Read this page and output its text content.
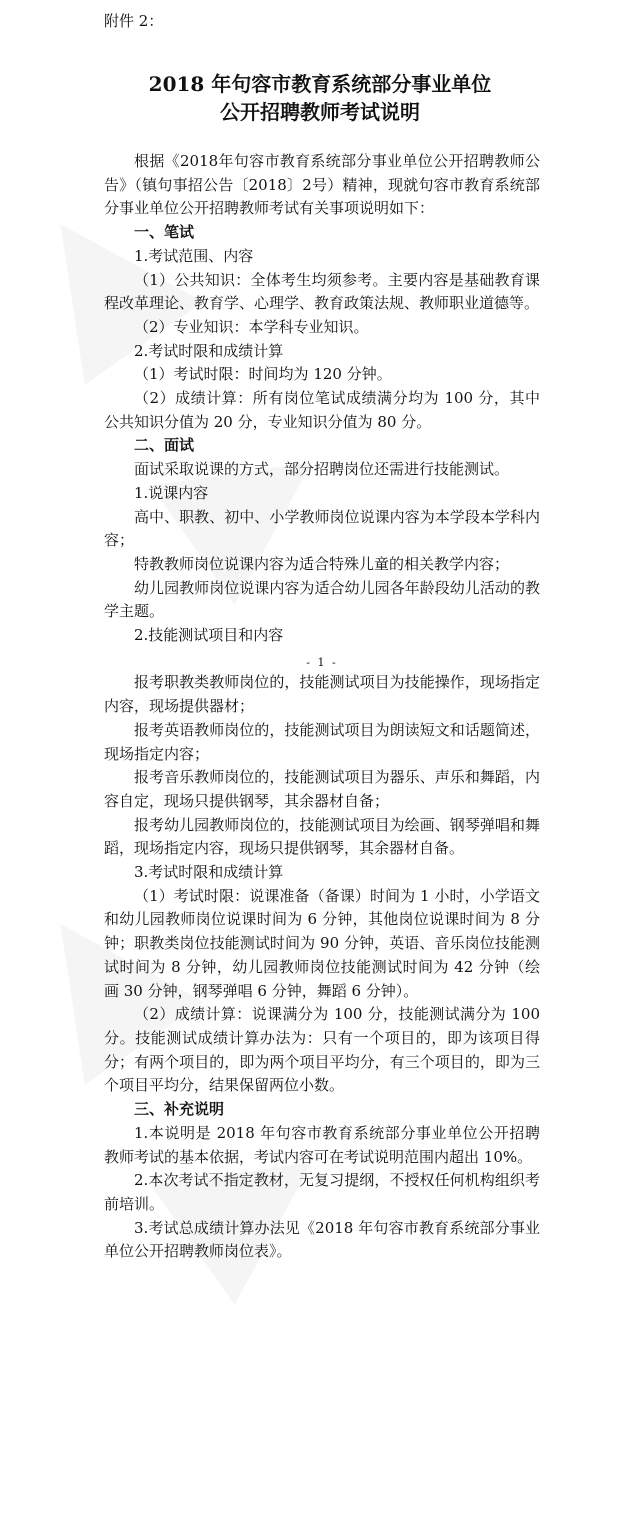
附件 2：
2018 年句容市教育系统部分事业单位
公开招聘教师考试说明

根据《2018年句容市教育系统部分事业单位公开招聘教师公告》（镇句事招公告〔2018〕2号）精神，现就句容市教育系统部分事业单位公开招聘教师考试有关事项说明如下：

一、笔试

1.考试范围、内容

（1）公共知识：全体考生均须参考。主要内容是基础教育课程改革理论、教育学、心理学、教育政策法规、教师职业道德等。

（2）专业知识：本学科专业知识。

2.考试时限和成绩计算

（1）考试时限：时间均为 120 分钟。

（2）成绩计算：所有岗位笔试成绩满分均为 100 分，其中公共知识分值为 20 分，专业知识分值为 80 分。

二、面试

面试采取说课的方式，部分招聘岗位还需进行技能测试。

1.说课内容

高中、职教、初中、小学教师岗位说课内容为本学段本学科内容；

特教教师岗位说课内容为适合特殊儿童的相关教学内容；

幼儿园教师岗位说课内容为适合幼儿园各年龄段幼儿活动的教学主题。

2.技能测试项目和内容

- 1 -

报考职教类教师岗位的，技能测试项目为技能操作，现场指定内容，现场提供器材；

报考英语教师岗位的，技能测试项目为朗读短文和话题简述，现场指定内容；

报考音乐教师岗位的，技能测试项目为器乐、声乐和舞蹈，内容自定，现场只提供钢琴，其余器材自备；

报考幼儿园教师岗位的，技能测试项目为绘画、钢琴弹唱和舞蹈，现场指定内容，现场只提供钢琴，其余器材自备。

3.考试时限和成绩计算

（1）考试时限：说课准备（备课）时间为 1 小时，小学语文和幼儿园教师岗位说课时间为 6 分钟，其他岗位说课时间为 8 分钟；职教类岗位技能测试时间为 90 分钟，英语、音乐岗位技能测试时间为 8 分钟，幼儿园教师岗位技能测试时间为 42 分钟（绘画 30 分钟，钢琴弹唱 6 分钟，舞蹈 6 分钟）。

（2）成绩计算：说课满分为 100 分，技能测试满分为 100 分。技能测试成绩计算办法为：只有一个项目的，即为该项目得分；有两个项目的，即为两个项目平均分，有三个项目的，即为三个项目平均分，结果保留两位小数。

三、补充说明

1.本说明是 2018 年句容市教育系统部分事业单位公开招聘教师考试的基本依据，考试内容可在考试说明范围内超出 10%。

2.本次考试不指定教材，无复习提纲，不授权任何机构组织考前培训。

3.考试总成绩计算办法见《2018 年句容市教育系统部分事业单位公开招聘教师岗位表》。
